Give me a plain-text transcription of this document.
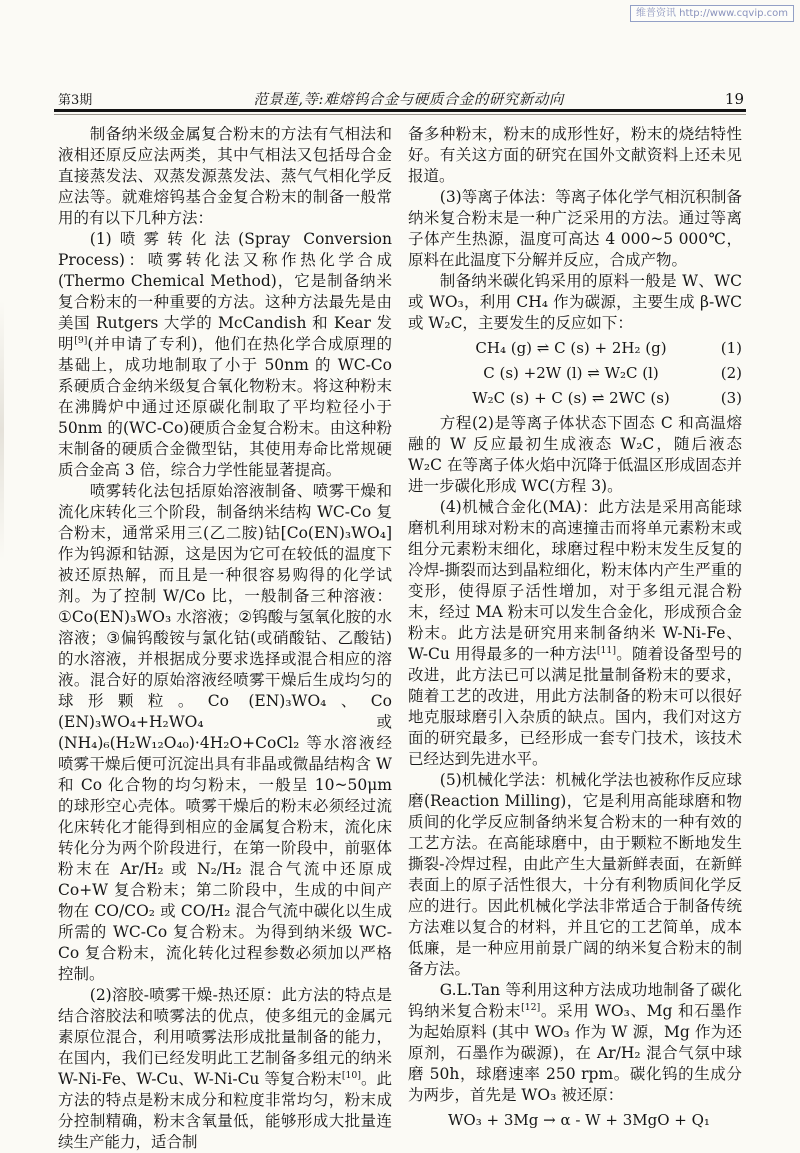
维普资讯 http://www.cqvip.com
第3期	范景莲,等:难熔钨合金与硬质合金的研究新动向	19

制备纳米级金属复合粉末的方法有气相法和液相还原反应法两类，其中气相法又包括母合金直接蒸发法、双蒸发源蒸发法、蒸气气相化学反应法等。就难熔钨基合金复合粉末的制备一般常用的有以下几种方法：

(1)喷雾转化法(Spray Conversion Process)：喷雾转化法又称作热化学合成 (Thermo Chemical Method)，它是制备纳米复合粉末的一种重要的方法。这种方法最先是由美国 Rutgers 大学的 McCandish 和 Kear 发明[9](并申请了专利)，他们在热化学合成原理的基础上，成功地制取了小于 50nm 的 WC-Co 系硬质合金纳米级复合氧化物粉末。将这种粉末在沸腾炉中通过还原碳化制取了平均粒径小于 50nm 的(WC-Co)硬质合金复合粉末。由这种粉末制备的硬质合金微型钻，其使用寿命比常规硬质合金高 3 倍，综合力学性能显著提高。

喷雾转化法包括原始溶液制备、喷雾干燥和流化床转化三个阶段，制备纳米结构 WC-Co 复合粉末，通常采用三(乙二胺)钴[Co(EN)₃WO₄]作为钨源和钴源，这是因为它可在较低的温度下被还原热解，而且是一种很容易购得的化学试剂。为了控制 W/Co 比，一般制备三种溶液：①Co(EN)₃WO₃ 水溶液；②钨酸与氢氧化胺的水溶液；③偏钨酸铵与氯化钴(或硝酸钴、乙酸钴)的水溶液，并根据成分要求选择或混合相应的溶液。混合好的原始溶液经喷雾干燥后生成均匀的球形颗粒。Co (EN)₃WO₄、Co (EN)₃WO₄+H₂WO₄ 或(NH₄)₆(H₂W₁₂O₄₀)·4H₂O+CoCl₂ 等水溶液经喷雾干燥后便可沉淀出具有非晶或微晶结构含 W 和 Co 化合物的均匀粉末，一般呈 10~50μm 的球形空心壳体。喷雾干燥后的粉末必须经过流化床转化才能得到相应的金属复合粉末，流化床转化分为两个阶段进行，在第一阶段中，前驱体粉末在 Ar/H₂ 或 N₂/H₂ 混合气流中还原成 Co+W 复合粉末；第二阶段中，生成的中间产物在 CO/CO₂ 或 CO/H₂ 混合气流中碳化以生成所需的 WC-Co 复合粉末。为得到纳米级 WC-Co 复合粉末，流化转化过程参数必须加以严格控制。

(2)溶胶-喷雾干燥-热还原：此方法的特点是结合溶胶法和喷雾法的优点，使多组元的金属元素原位混合，利用喷雾法形成批量制备的能力，在国内，我们已经发明此工艺制备多组元的纳米 W-Ni-Fe、W-Cu、W-Ni-Cu 等复合粉末[10]。此方法的特点是粉末成分和粒度非常均匀，粉末成分控制精确，粉末含氧量低，能够形成大批量连续生产能力，适合制

备多种粉末，粉末的成形性好，粉末的烧结特性好。有关这方面的研究在国外文献资料上还未见报道。

(3)等离子体法：等离子体化学气相沉积制备纳米复合粉末是一种广泛采用的方法。通过等离子体产生热源，温度可高达 4 000~5 000℃，原料在此温度下分解并反应，合成产物。

制备纳米碳化钨采用的原料一般是 W、WC 或 WO₃，利用 CH₄ 作为碳源，主要生成 β-WC 或 W₂C，主要发生的反应如下：

CH₄ (g) ⇌ C (s) + 2H₂ (g)	(1)
C (s) +2W (l) ⇌ W₂C (l)	(2)
W₂C (s) + C (s) ⇌ 2WC (s)	(3)

方程(2)是等离子体状态下固态 C 和高温熔融的 W 反应最初生成液态 W₂C，随后液态 W₂C 在等离子体火焰中沉降于低温区形成固态并进一步碳化形成 WC(方程 3)。

(4)机械合金化(MA)：此方法是采用高能球磨机利用球对粉末的高速撞击而将单元素粉末或组分元素粉末细化，球磨过程中粉末发生反复的冷焊-撕裂而达到晶粒细化，粉末体内产生严重的变形，使得原子活性增加，对于多组元混合粉末，经过 MA 粉末可以发生合金化，形成预合金粉末。此方法是研究用来制备纳米 W-Ni-Fe、W-Cu 用得最多的一种方法[11]。随着设备型号的改进，此方法已可以满足批量制备粉末的要求，随着工艺的改进，用此方法制备的粉末可以很好地克服球磨引入杂质的缺点。国内，我们对这方面的研究最多，已经形成一套专门技术，该技术已经达到先进水平。

(5)机械化学法：机械化学法也被称作反应球磨(Reaction Milling)，它是利用高能球磨和物质间的化学反应制备纳米复合粉末的一种有效的工艺方法。在高能球磨中，由于颗粒不断地发生撕裂-冷焊过程，由此产生大量新鲜表面，在新鲜表面上的原子活性很大，十分有利物质间化学反应的进行。因此机械化学法非常适合于制备传统方法难以复合的材料，并且它的工艺简单，成本低廉，是一种应用前景广阔的纳米复合粉末的制备方法。

G.L.Tan 等利用这种方法成功地制备了碳化钨纳米复合粉末[12]。采用 WO₃、Mg 和石墨作为起始原料 (其中 WO₃ 作为 W 源，Mg 作为还原剂，石墨作为碳源)，在 Ar/H₂ 混合气氛中球磨 50h，球磨速率 250 rpm。碳化钨的生成分为两步，首先是 WO₃ 被还原：

WO₃ + 3Mg → α - W + 3MgO + Q₁
